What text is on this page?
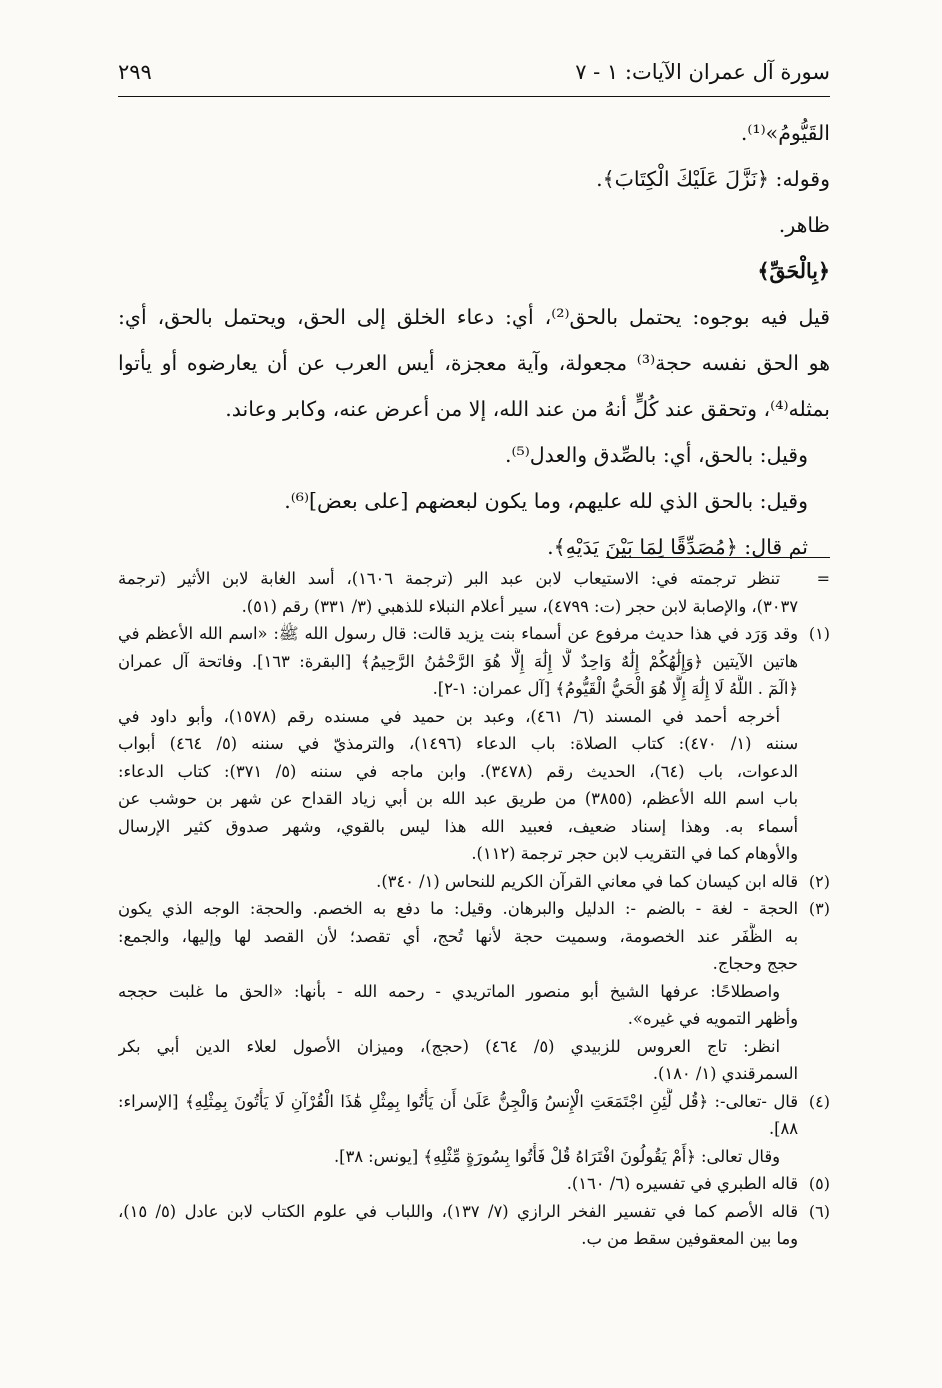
سورة آل عمران الآيات: ١ - ٧
٢٩٩
القَيُّومُ»⁽¹⁾.
وقوله: ﴿نَزَّلَ عَلَيْكَ الْكِتَابَ﴾.
ظاهر.
﴿بِالْحَقِّ﴾
قيل فيه بوجوه: يحتمل بالحق⁽²⁾، أي: دعاء الخلق إلى الحق، ويحتمل بالحق، أي:
هو الحق نفسه حجة⁽³⁾ مجعولة، وآية معجزة، أيس العرب عن أن يعارضوه أو يأتوا
بمثله⁽⁴⁾، وتحقق عند كُلٍّ أنهُ من عند الله، إلا من أعرض عنه، وكابر وعاند.
وقيل: بالحق، أي: بالصِّدق والعدل⁽⁵⁾.
وقيل: بالحق الذي لله عليهم، وما يكون لبعضهم [على بعض]⁽⁶⁾.
ثم قال: ﴿مُصَدِّقًا لِمَا بَيْنَ يَدَيْهِ﴾.
=
تنظر ترجمته في: الاستيعاب لابن عبد البر (ترجمة ١٦٠٦)، أسد الغابة لابن الأثير (ترجمة
٣٠٣٧)، والإصابة لابن حجر (ت: ٤٧٩٩)، سير أعلام النبلاء للذهبي (٣/ ٣٣١) رقم (٥١).
(١)
وقد وَرَد في هذا حديث مرفوع عن أسماء بنت يزيد قالت: قال رسول الله ﷺ: «اسم الله الأعظم في
هاتين الآيتين ﴿وَإِلَٰهُكُمْ إِلَٰهٌ وَاحِدٌ لَّا إِلَٰهَ إِلَّا هُوَ الرَّحْمَٰنُ الرَّحِيمُ﴾ [البقرة: ١٦٣]. وفاتحة آل عمران
﴿الٓمٓ . اللَّهُ لَا إِلَٰهَ إِلَّا هُوَ الْحَيُّ الْقَيُّومُ﴾ [آل عمران: ١-٢].
أخرجه أحمد في المسند (٦/ ٤٦١)، وعبد بن حميد في مسنده رقم (١٥٧٨)، وأبو داود في
سننه (١/ ٤٧٠): كتاب الصلاة: باب الدعاء (١٤٩٦)، والترمذيّ في سننه (٥/ ٤٦٤) أبواب
الدعوات، باب (٦٤)، الحديث رقم (٣٤٧٨). وابن ماجه في سننه (٥/ ٣٧١): كتاب الدعاء:
باب اسم الله الأعظم، (٣٨٥٥) من طريق عبد الله بن أبي زياد القداح عن شهر بن حوشب عن
أسماء به. وهذا إسناد ضعيف، فعبيد الله هذا ليس بالقوي، وشهر صدوق كثير الإرسال
والأوهام كما في التقريب لابن حجر ترجمة (١١٢).
(٢)
قاله ابن كيسان كما في معاني القرآن الكريم للنحاس (١/ ٣٤٠).
(٣)
الحجة - لغة - بالضم -: الدليل والبرهان. وقيل: ما دفع به الخصم. والحجة: الوجه الذي يكون
به الظَّفَر عند الخصومة، وسميت حجة لأنها تُحج، أي تقصد؛ لأن القصد لها وإليها، والجمع:
حجج وحجاج.
واصطلاحًا: عرفها الشيخ أبو منصور الماتريدي - رحمه الله - بأنها: «الحق ما غلبت حججه
وأظهر التمويه في غيره».
انظر: تاج العروس للزبيدي (٥/ ٤٦٤) (حجج)، وميزان الأصول لعلاء الدين أبي بكر
السمرقندي (١/ ١٨٠).
(٤)
قال -تعالى-: ﴿قُل لَّئِنِ اجْتَمَعَتِ الْإِنسُ وَالْجِنُّ عَلَىٰ أَن يَأْتُوا بِمِثْلِ هَٰذَا الْقُرْآنِ لَا يَأْتُونَ بِمِثْلِهِ﴾ [الإسراء:
٨٨].
وقال تعالى: ﴿أَمْ يَقُولُونَ افْتَرَاهُ قُلْ فَأْتُوا بِسُورَةٍ مِّثْلِهِ﴾ [يونس: ٣٨].
(٥)
قاله الطبري في تفسيره (٦/ ١٦٠).
(٦)
قاله الأصم كما في تفسير الفخر الرازي (٧/ ١٣٧)، واللباب في علوم الكتاب لابن عادل (٥/ ١٥)،
وما بين المعقوفين سقط من ب.
